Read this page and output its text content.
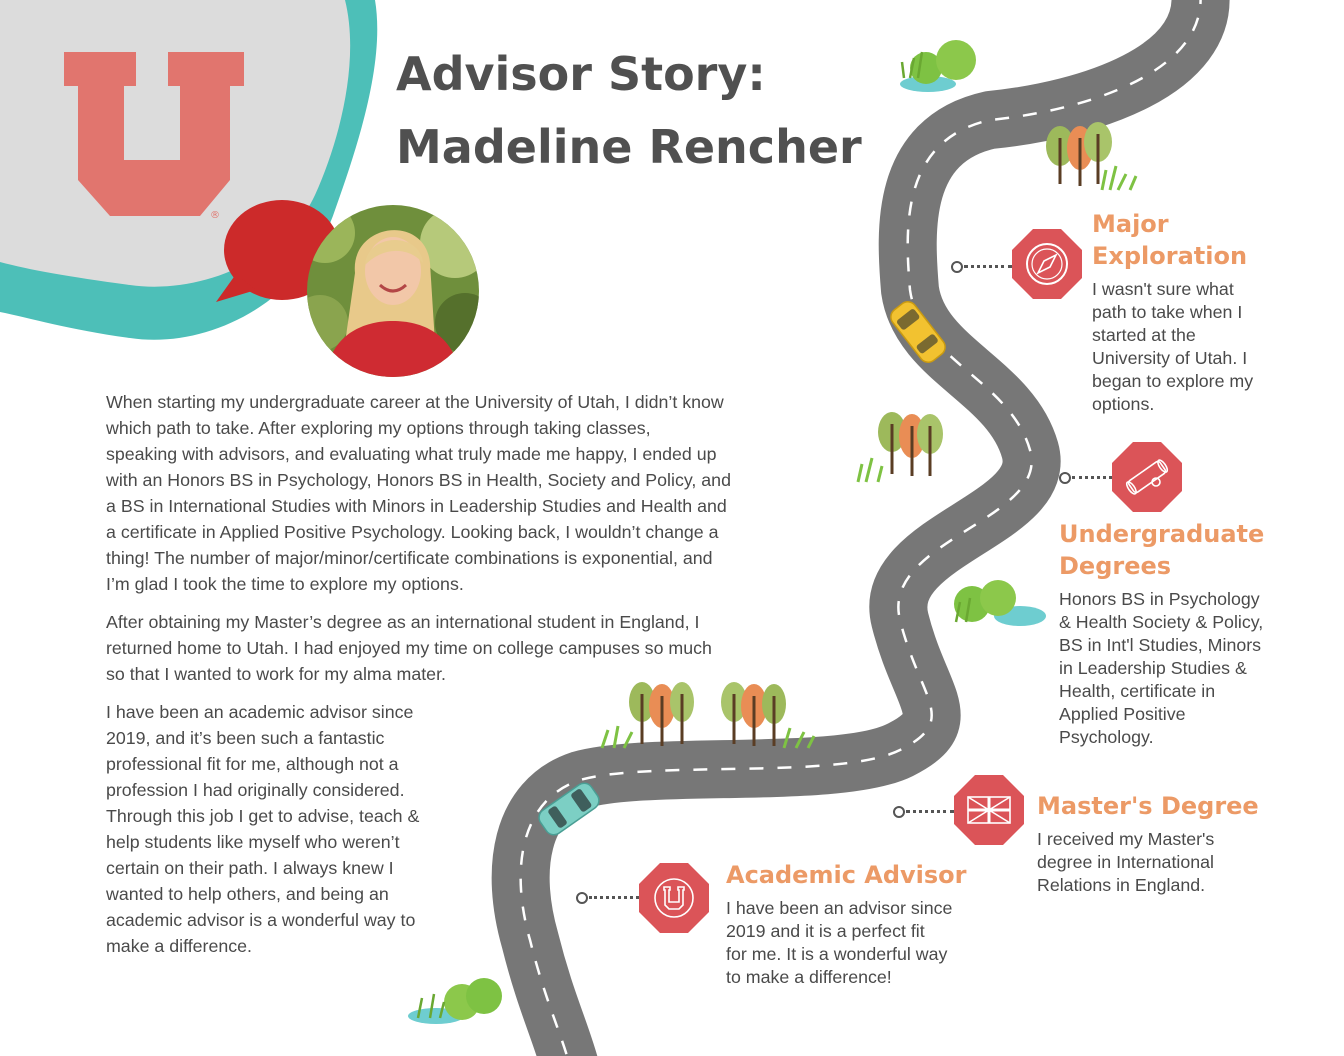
®
Advisor Story:
Madeline Rencher

When starting my undergraduate career at the University of Utah, I didn’t know
which path to take. After exploring my options through taking classes,
speaking with advisors, and evaluating what truly made me happy, I ended up
with an Honors BS in Psychology, Honors BS in Health, Society and Policy, and
a BS in International Studies with Minors in Leadership Studies and Health and
a certificate in Applied Positive Psychology. Looking back, I wouldn’t change a
thing! The number of major/minor/certificate combinations is exponential, and
I’m glad I took the time to explore my options.

After obtaining my Master’s degree as an international student in England, I
returned home to Utah. I had enjoyed my time on college campuses so much
so that I wanted to work for my alma mater.

I have been an academic advisor since
2019, and it’s been such a fantastic
professional fit for me, although not a
profession I had originally considered.
Through this job I get to advise, teach &
help students like myself who weren’t
certain on their path. I always knew I
wanted to help others, and being an
academic advisor is a wonderful way to
make a difference.

Major
Exploration

I wasn't sure what
path to take when I
started at the
University of Utah. I
began to explore my
options.

Undergraduate
Degrees

Honors BS in Psychology
& Health Society & Policy,
BS in Int'l Studies, Minors
in Leadership Studies &
Health, certificate in
Applied Positive
Psychology.

Master's Degree

I received my Master's
degree in International
Relations in England.

Academic Advisor

I have been an advisor since
2019 and it is a perfect fit
for me. It is a wonderful way
to make a difference!
